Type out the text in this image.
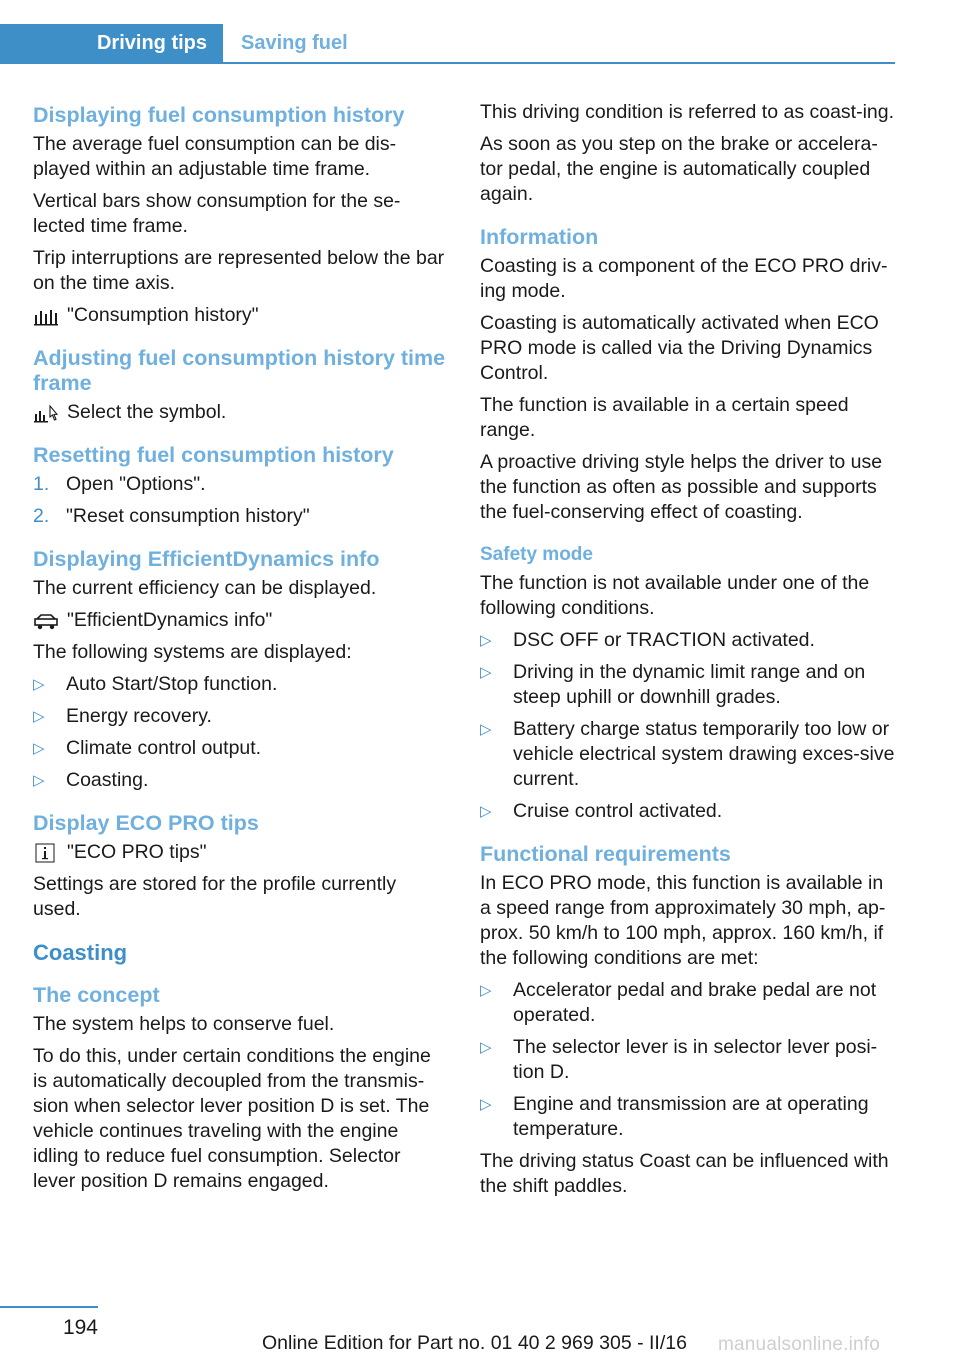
Driving tips	Saving fuel
Displaying fuel consumption history

The average fuel consumption can be dis-played within an adjustable time frame.

Vertical bars show consumption for the se-lected time frame.

Trip interruptions are represented below the bar on the time axis.

"Consumption history"
Adjusting fuel consumption history time frame
Select the symbol.
Resetting fuel consumption history
1. Open "Options".
2. "Reset consumption history"
Displaying EfficientDynamics info

The current efficiency can be displayed.

"EfficientDynamics info"

The following systems are displayed:

▷ Auto Start/Stop function.
▷ Energy recovery.
▷ Climate control output.
▷ Coasting.
Display ECO PRO tips
"ECO PRO tips"

Settings are stored for the profile currently used.

Coasting
The concept

The system helps to conserve fuel.

To do this, under certain conditions the engine is automatically decoupled from the transmis-sion when selector lever position D is set. The vehicle continues traveling with the engine idling to reduce fuel consumption. Selector lever position D remains engaged.

This driving condition is referred to as coast-ing.

As soon as you step on the brake or accelera-tor pedal, the engine is automatically coupled again.

Information

Coasting is a component of the ECO PRO driv-ing mode.

Coasting is automatically activated when ECO PRO mode is called via the Driving Dynamics Control.

The function is available in a certain speed range.

A proactive driving style helps the driver to use the function as often as possible and supports the fuel-conserving effect of coasting.

Safety mode

The function is not available under one of the following conditions.

▷ DSC OFF or TRACTION activated.
▷ Driving in the dynamic limit range and on steep uphill or downhill grades.
▷ Battery charge status temporarily too low or vehicle electrical system drawing exces-sive current.
▷ Cruise control activated.
Functional requirements

In ECO PRO mode, this function is available in a speed range from approximately 30 mph, ap-prox. 50 km/h to 100 mph, approx. 160 km/h, if the following conditions are met:

▷ Accelerator pedal and brake pedal are not operated.
▷ The selector lever is in selector lever posi-tion D.
▷ Engine and transmission are at operating temperature.

The driving status Coast can be influenced with the shift paddles.

194
Online Edition for Part no. 01 40 2 969 305 - II/16 manualsonline.info
